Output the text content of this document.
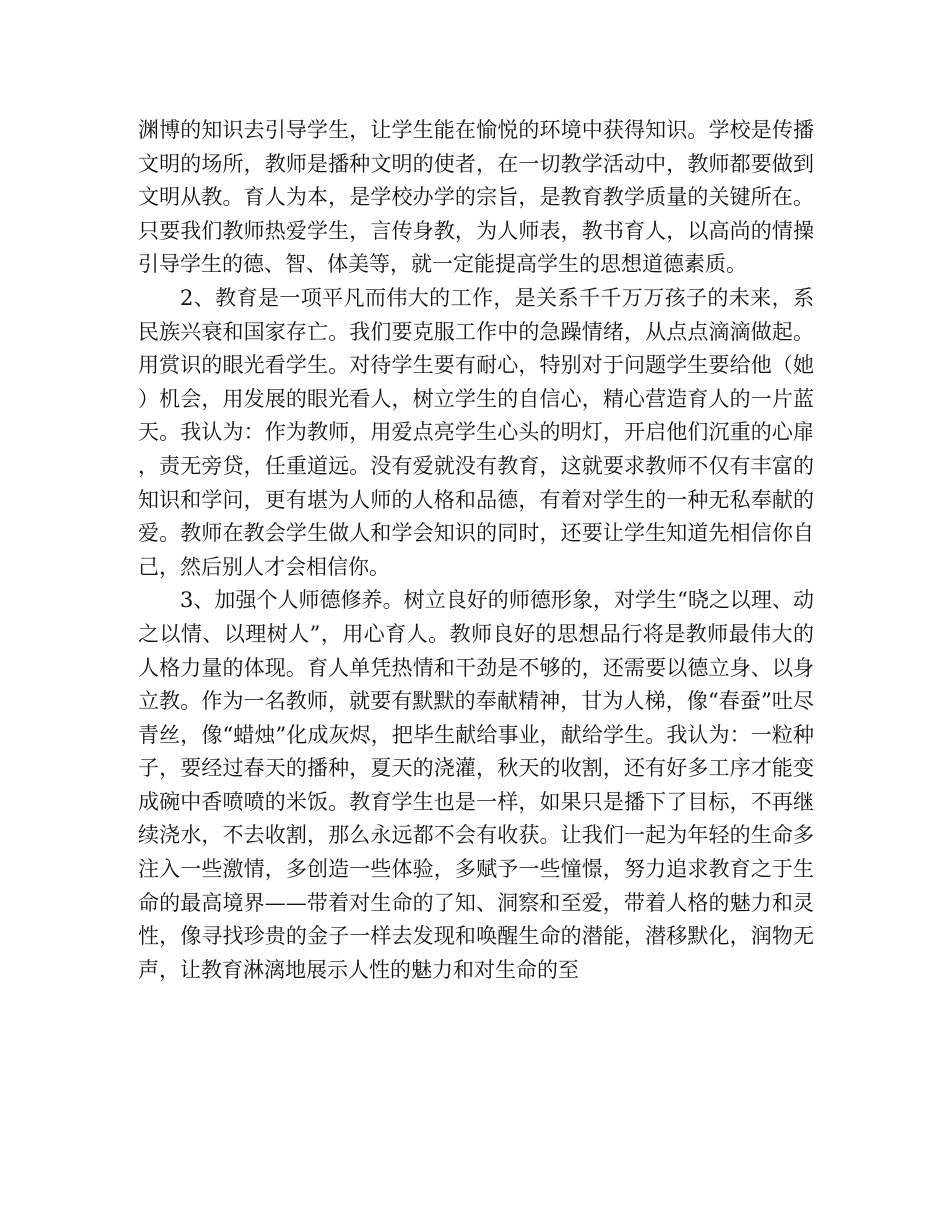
渊博的知识去引导学生，让学生能在愉悦的环境中获得知识。学校是传播文明的场所，教师是播种文明的使者，在一切教学活动中，教师都要做到文明从教。育人为本，是学校办学的宗旨，是教育教学质量的关键所在。只要我们教师热爱学生，言传身教，为人师表，教书育人，以高尚的情操引导学生的德、智、体美等，就一定能提高学生的思想道德素质。

2、教育是一项平凡而伟大的工作，是关系千千万万孩子的未来，系民族兴衰和国家存亡。我们要克服工作中的急躁情绪，从点点滴滴做起。用赏识的眼光看学生。对待学生要有耐心，特别对于问题学生要给他（她）机会，用发展的眼光看人，树立学生的自信心，精心营造育人的一片蓝天。我认为：作为教师，用爱点亮学生心头的明灯，开启他们沉重的心扉，责无旁贷，任重道远。没有爱就没有教育，这就要求教师不仅有丰富的知识和学问，更有堪为人师的人格和品德，有着对学生的一种无私奉献的爱。教师在教会学生做人和学会知识的同时，还要让学生知道先相信你自己，然后别人才会相信你。

3、加强个人师德修养。树立良好的师德形象，对学生“晓之以理、动之以情、以理树人”，用心育人。教师良好的思想品行将是教师最伟大的人格力量的体现。育人单凭热情和干劲是不够的，还需要以德立身、以身立教。作为一名教师，就要有默默的奉献精神，甘为人梯，像“春蚕”吐尽青丝，像“蜡烛”化成灰烬，把毕生献给事业，献给学生。我认为：一粒种子，要经过春天的播种，夏天的浇灌，秋天的收割，还有好多工序才能变成碗中香喷喷的米饭。教育学生也是一样，如果只是播下了目标，不再继续浇水，不去收割，那么永远都不会有收获。让我们一起为年轻的生命多注入一些激情，多创造一些体验，多赋予一些憧憬，努力追求教育之于生命的最高境界——带着对生命的了知、洞察和至爱，带着人格的魅力和灵性，像寻找珍贵的金子一样去发现和唤醒生命的潜能，潜移默化，润物无声，让教育淋漓地展示人性的魅力和对生命的至
